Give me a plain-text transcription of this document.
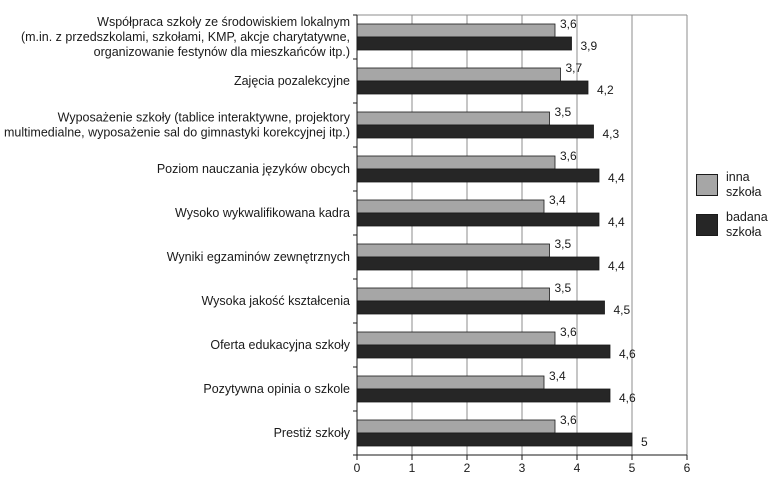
3,6
3,9
3,7
4,2
3,5
4,3
3,6
4,4
3,4
4,4
3,5
4,4
3,5
4,5
3,6
4,6
3,4
4,6
3,6
5
Współpraca szkoły ze środowiskiem lokalnym
(m.in. z przedszkolami, szkołami, KMP, akcje charytatywne,
organizowanie festynów dla mieszkańców itp.)
Zajęcia pozalekcyjne
Wyposażenie szkoły (tablice interaktywne, projektory
multimedialne, wyposażenie sal do gimnastyki korekcyjnej itp.)
Poziom nauczania języków obcych
Wysoko wykwalifikowana kadra
Wyniki egzaminów zewnętrznych
Wysoka jakość kształcenia
Oferta edukacyjna szkoły
Pozytywna opinia o szkole
Prestiż szkoły
0	1	2	3	4	5	6
inna szkoła
badana szkoła
